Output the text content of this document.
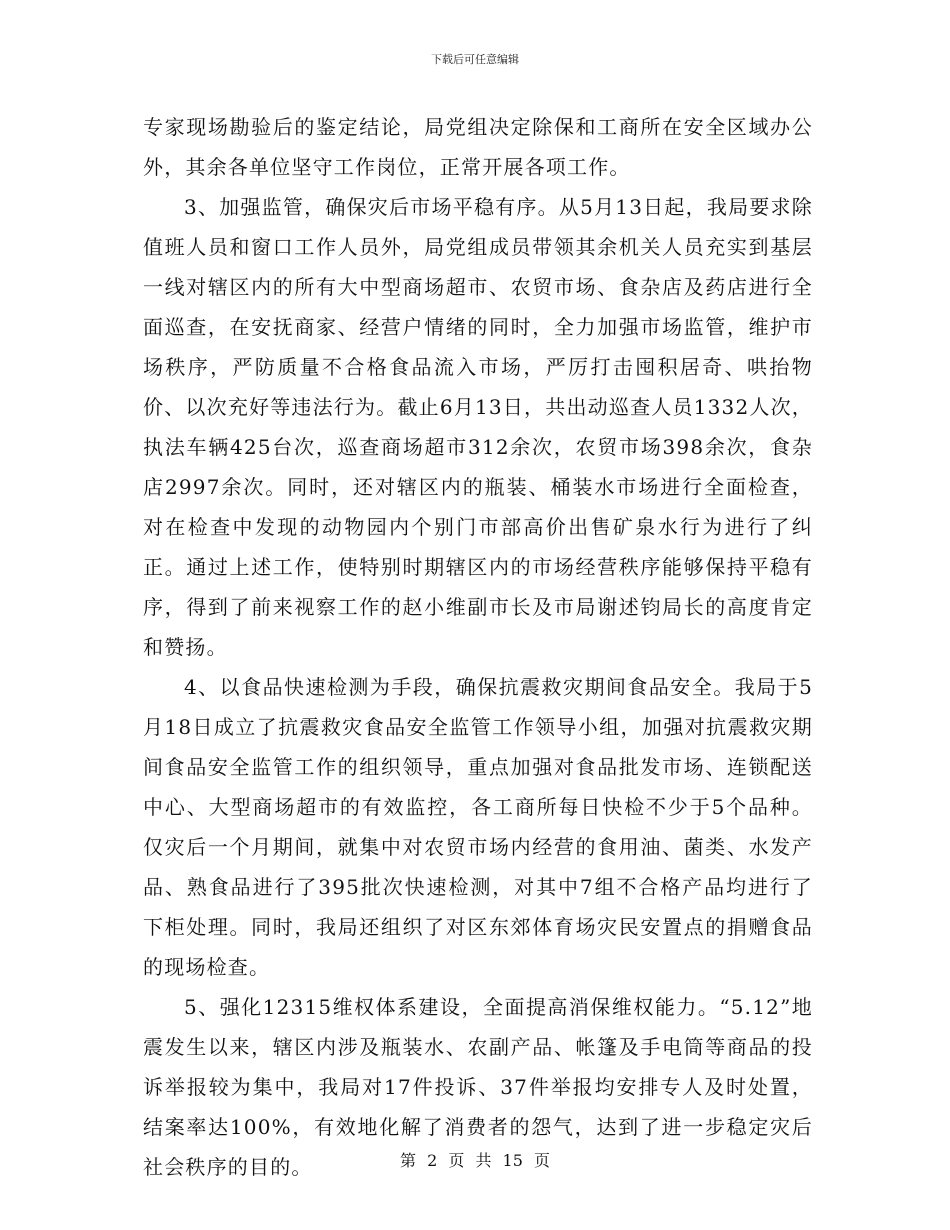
下载后可任意编辑

专家现场勘验后的鉴定结论，局党组决定除保和工商所在安全区域办公外，其余各单位坚守工作岗位，正常开展各项工作。

3、加强监管，确保灾后市场平稳有序。从5月13日起，我局要求除值班人员和窗口工作人员外，局党组成员带领其余机关人员充实到基层一线对辖区内的所有大中型商场超市、农贸市场、食杂店及药店进行全面巡查，在安抚商家、经营户情绪的同时，全力加强市场监管，维护市场秩序，严防质量不合格食品流入市场，严厉打击囤积居奇、哄抬物价、以次充好等违法行为。截止6月13日，共出动巡查人员1332人次，执法车辆425台次，巡查商场超市312余次，农贸市场398余次，食杂店2997余次。同时，还对辖区内的瓶装、桶装水市场进行全面检查，对在检查中发现的动物园内个别门市部高价出售矿泉水行为进行了纠正。通过上述工作，使特别时期辖区内的市场经营秩序能够保持平稳有序，得到了前来视察工作的赵小维副市长及市局谢述钧局长的高度肯定和赞扬。

4、以食品快速检测为手段，确保抗震救灾期间食品安全。我局于5月18日成立了抗震救灾食品安全监管工作领导小组，加强对抗震救灾期间食品安全监管工作的组织领导，重点加强对食品批发市场、连锁配送中心、大型商场超市的有效监控，各工商所每日快检不少于5个品种。仅灾后一个月期间，就集中对农贸市场内经营的食用油、菌类、水发产品、熟食品进行了395批次快速检测，对其中7组不合格产品均进行了下柜处理。同时，我局还组织了对区东郊体育场灾民安置点的捐赠食品的现场检查。

5、强化12315维权体系建设，全面提高消保维权能力。“5.12”地震发生以来，辖区内涉及瓶装水、农副产品、帐篷及手电筒等商品的投诉举报较为集中，我局对17件投诉、37件举报均安排专人及时处置，结案率达100%，有效地化解了消费者的怨气，达到了进一步稳定灾后社会秩序的目的。	第 2 页 共 15 页
